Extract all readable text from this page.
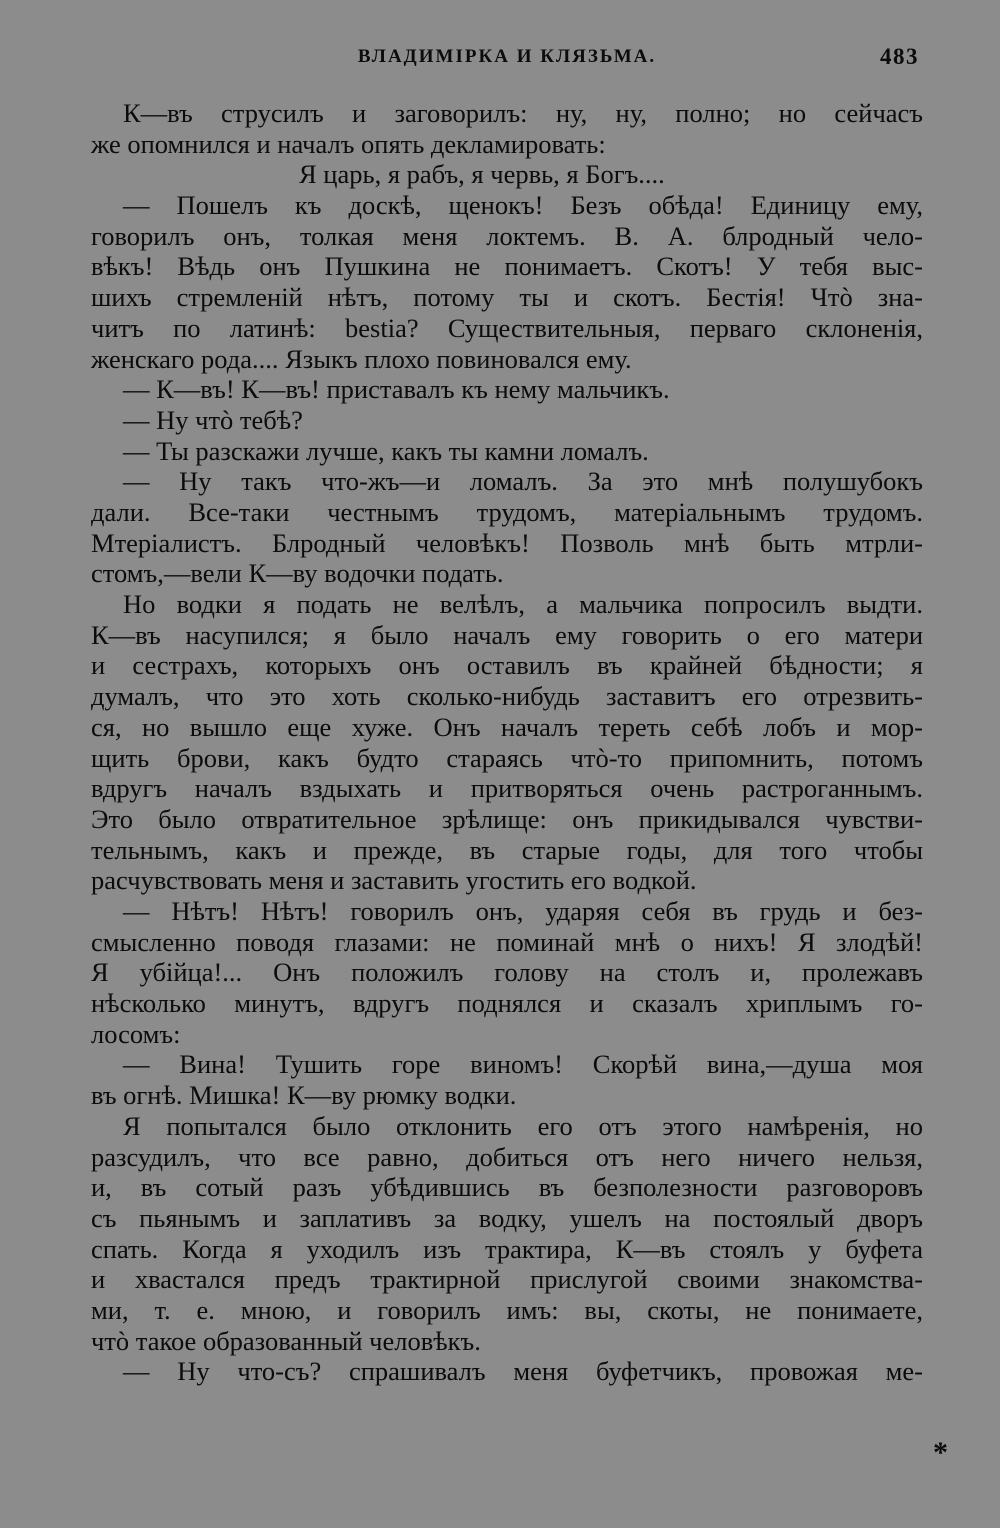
ВЛАДИМІРКА И КЛЯЗЬМА.	483
К—въ струсилъ и заговорилъ: ну, ну, полно; но сейчасъ
же опомнился и началъ опять декламировать:
Я царь, я рабъ, я червь, я Богъ....
— Пошелъ къ доскѣ, щенокъ! Безъ обѣда! Единицу ему,
говорилъ онъ, толкая меня локтемъ. В. А. блродный чело-
вѣкъ! Вѣдь онъ Пушкина не понимаетъ. Скотъ! У тебя выс-
шихъ стремленій нѣтъ, потому ты и скотъ. Бестія! Чтò зна-
читъ по латинѣ: bestia? Существительныя, перваго склоненія,
женскаго рода.... Языкъ плохо повиновался ему.
— К—въ! К—въ! приставалъ къ нему мальчикъ.
— Ну чтò тебѣ?
— Ты разскажи лучше, какъ ты камни ломалъ.
— Ну такъ что-жъ—и ломалъ. За это мнѣ полушубокъ
дали. Все-таки честнымъ трудомъ, матеріальнымъ трудомъ.
Мтеріалистъ. Блродный человѣкъ! Позволь мнѣ быть мтрли-
стомъ,—вели К—ву водочки подать.
Но водки я подать не велѣлъ, а мальчика попросилъ выдти.
К—въ насупился; я было началъ ему говорить о его матери
и сестрахъ, которыхъ онъ оставилъ въ крайней бѣдности; я
думалъ, что это хоть сколько-нибудь заставитъ его отрезвить-
ся, но вышло еще хуже. Онъ началъ тереть себѣ лобъ и мор-
щить брови, какъ будто стараясь чтò-то припомнить, потомъ
вдругъ началъ вздыхать и притворяться очень растроганнымъ.
Это было отвратительное зрѣлище: онъ прикидывался чувстви-
тельнымъ, какъ и прежде, въ старые годы, для того чтобы
расчувствовать меня и заставить угостить его водкой.
— Нѣтъ! Нѣтъ! говорилъ онъ, ударяя себя въ грудь и без-
смысленно поводя глазами: не поминай мнѣ о нихъ! Я злодѣй!
Я убійца!... Онъ положилъ голову на столъ и, пролежавъ
нѣсколько минутъ, вдругъ поднялся и сказалъ хриплымъ го-
лосомъ:
— Вина! Тушить горе виномъ! Скорѣй вина,—душа моя
въ огнѣ. Мишка! К—ву рюмку водки.
Я попытался было отклонить его отъ этого намѣренія, но
разсудилъ, что все равно, добиться отъ него ничего нельзя,
и, въ сотый разъ убѣдившись въ безполезности разговоровъ
съ пьянымъ и заплативъ за водку, ушелъ на постоялый дворъ
спать. Когда я уходилъ изъ трактира, К—въ стоялъ у буфета
и хвастался предъ трактирной прислугой своими знакомства-
ми, т. е. мною, и говорилъ имъ: вы, скоты, не понимаете,
чтò такое образованный человѣкъ.
— Ну что-съ? спрашивалъ меня буфетчикъ, провожая ме-
*
